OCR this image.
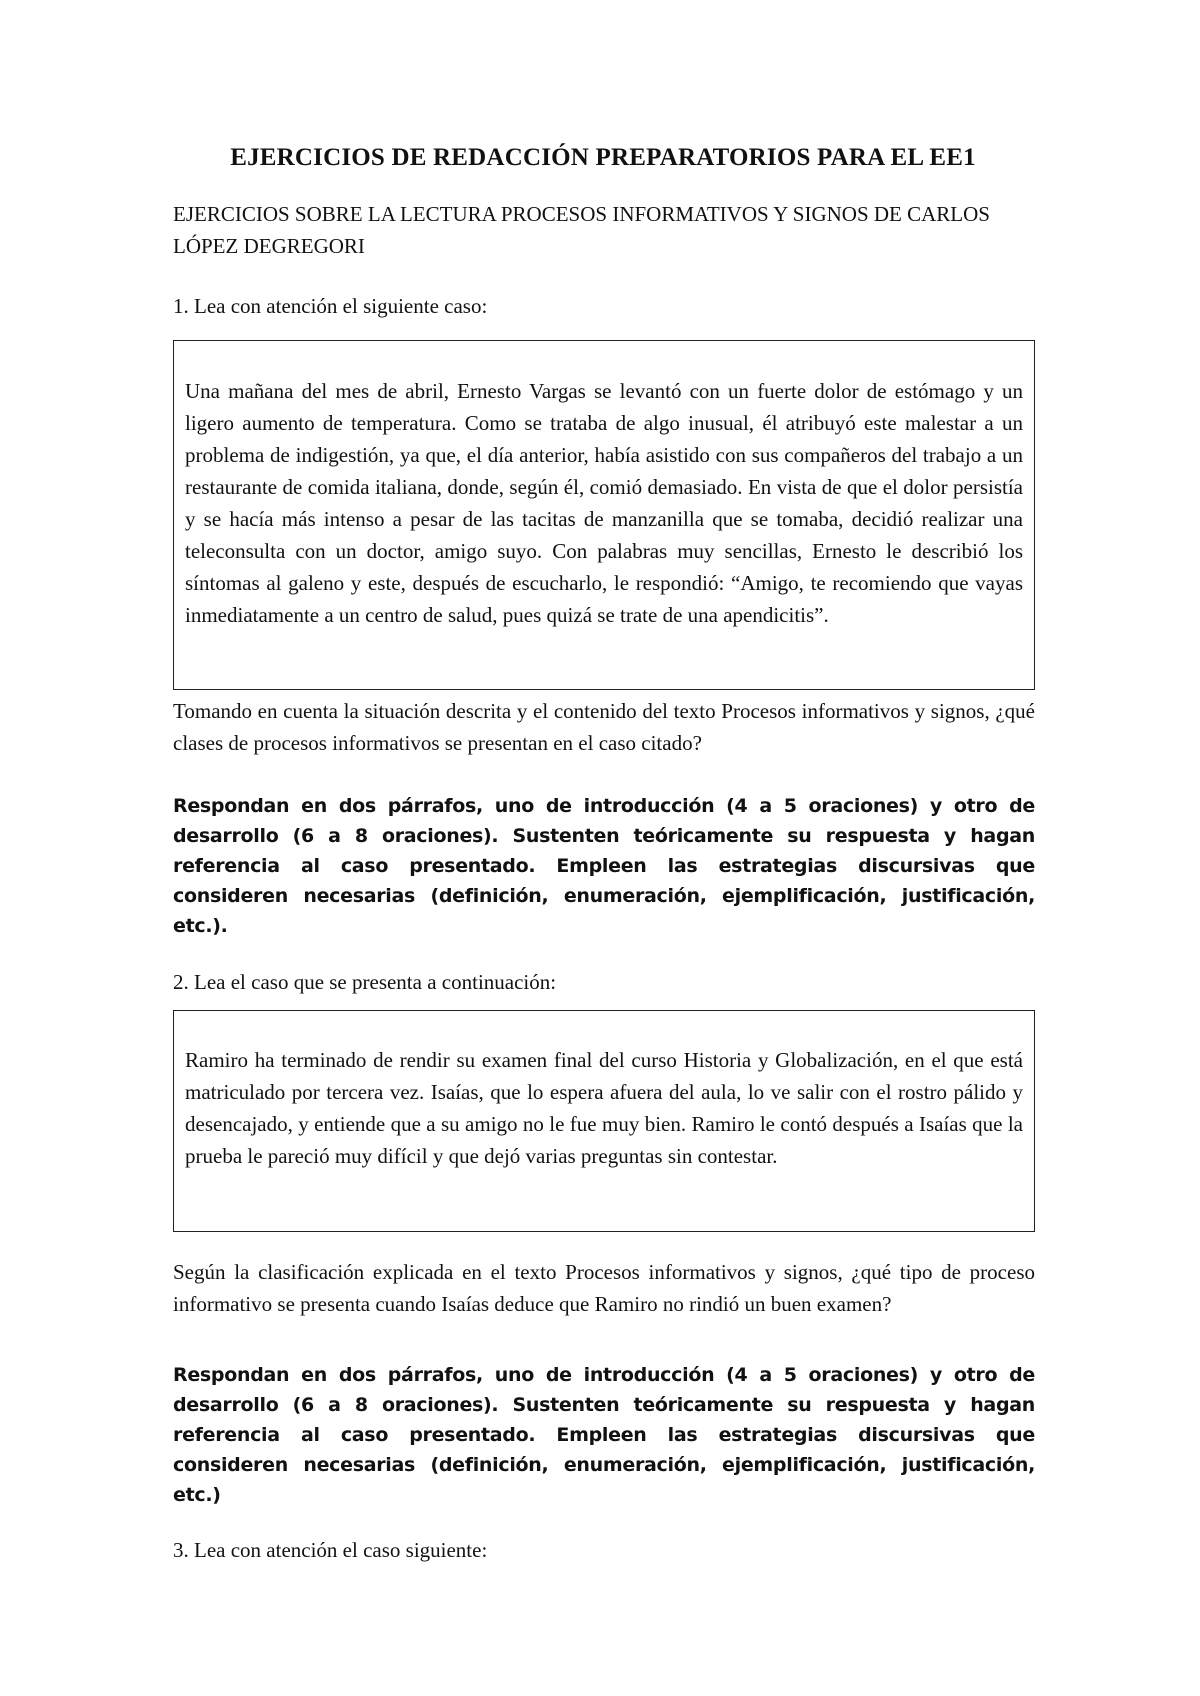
EJERCICIOS DE REDACCIÓN PREPARATORIOS PARA EL EE1
EJERCICIOS SOBRE LA LECTURA PROCESOS INFORMATIVOS Y SIGNOS DE CARLOS LÓPEZ DEGREGORI
1. Lea con atención el siguiente caso:
Una mañana del mes de abril, Ernesto Vargas se levantó con un fuerte dolor de estómago y un ligero aumento de temperatura. Como se trataba de algo inusual, él atribuyó este malestar a un problema de indigestión, ya que, el día anterior, había asistido con sus compañeros del trabajo a un restaurante de comida italiana, donde, según él, comió demasiado. En vista de que el dolor persistía y se hacía más intenso a pesar de las tacitas de manzanilla que se tomaba, decidió realizar una teleconsulta con un doctor, amigo suyo. Con palabras muy sencillas, Ernesto le describió los síntomas al galeno y este, después de escucharlo, le respondió: “Amigo, te recomiendo que vayas inmediatamente a un centro de salud, pues quizá se trate de una apendicitis”.
Tomando en cuenta la situación descrita y el contenido del texto Procesos informativos y signos, ¿qué clases de procesos informativos se presentan en el caso citado?
Respondan en dos párrafos, uno de introducción (4 a 5 oraciones) y otro de desarrollo (6 a 8 oraciones). Sustenten teóricamente su respuesta y hagan referencia al caso presentado. Empleen las estrategias discursivas que consideren necesarias (definición, enumeración, ejemplificación, justificación, etc.).
2. Lea el caso que se presenta a continuación:
Ramiro ha terminado de rendir su examen final del curso Historia y Globalización, en el que está matriculado por tercera vez. Isaías, que lo espera afuera del aula, lo ve salir con el rostro pálido y desencajado, y entiende que a su amigo no le fue muy bien. Ramiro le contó después a Isaías que la prueba le pareció muy difícil y que dejó varias preguntas sin contestar.
Según la clasificación explicada en el texto Procesos informativos y signos, ¿qué tipo de proceso informativo se presenta cuando Isaías deduce que Ramiro no rindió un buen examen?
Respondan en dos párrafos, uno de introducción (4 a 5 oraciones) y otro de desarrollo (6 a 8 oraciones). Sustenten teóricamente su respuesta y hagan referencia al caso presentado. Empleen las estrategias discursivas que consideren necesarias (definición, enumeración, ejemplificación, justificación, etc.)
3. Lea con atención el caso siguiente:
